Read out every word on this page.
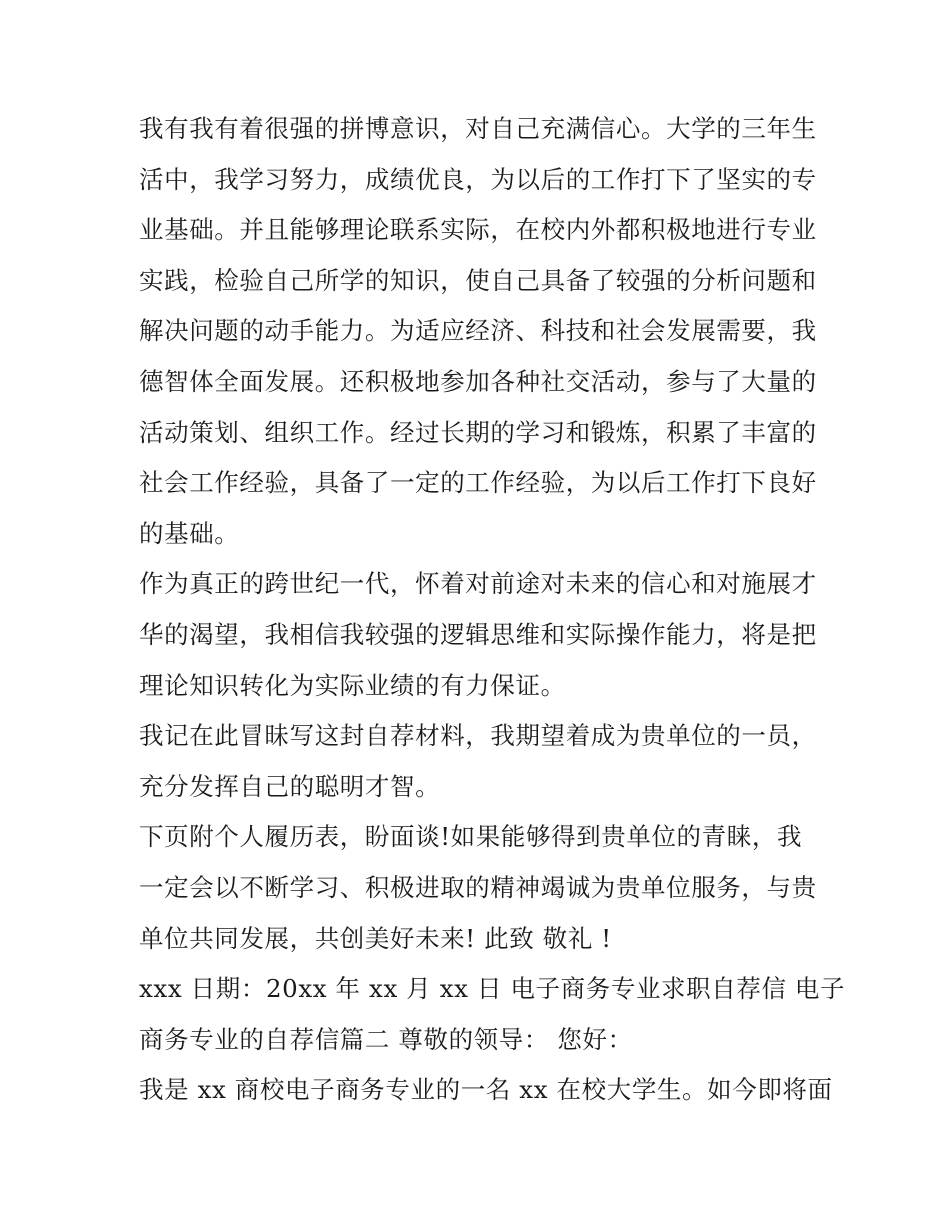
我有我有着很强的拼博意识，对自己充满信心。大学的三年生
活中，我学习努力，成绩优良，为以后的工作打下了坚实的专
业基础。并且能够理论联系实际，在校内外都积极地进行专业
实践，检验自己所学的知识，使自己具备了较强的分析问题和
解决问题的动手能力。为适应经济、科技和社会发展需要，我
德智体全面发展。还积极地参加各种社交活动，参与了大量的
活动策划、组织工作。经过长期的学习和锻炼，积累了丰富的
社会工作经验，具备了一定的工作经验，为以后工作打下良好
的基础。
作为真正的跨世纪一代，怀着对前途对未来的信心和对施展才
华的渴望，我相信我较强的逻辑思维和实际操作能力，将是把
理论知识转化为实际业绩的有力保证。
我记在此冒昧写这封自荐材料，我期望着成为贵单位的一员，
充分发挥自己的聪明才智。
下页附个人履历表，盼面谈!如果能够得到贵单位的青睐，我
一定会以不断学习、积极进取的精神竭诚为贵单位服务，与贵
单位共同发展，共创美好未来! 此致 敬礼 !
xxx 日期：20xx 年 xx 月 xx 日 电子商务专业求职自荐信 电子
商务专业的自荐信篇二 尊敬的领导： 您好：
我是 xx 商校电子商务专业的一名 xx 在校大学生。如今即将面
